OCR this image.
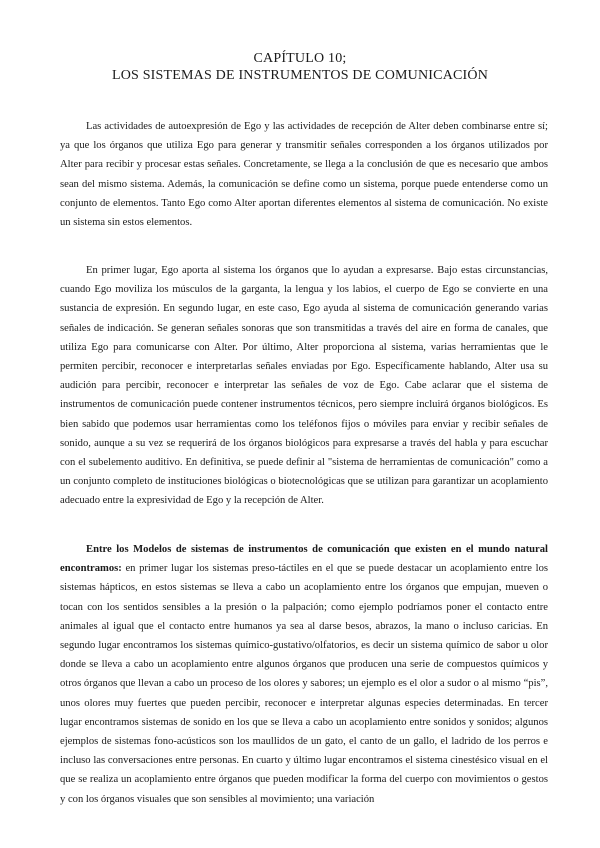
CAPÍTULO 10;
LOS SISTEMAS DE INSTRUMENTOS DE COMUNICACIÓN

Las actividades de autoexpresión de Ego y las actividades de recepción de Alter deben combinarse entre sí; ya que los órganos que utiliza Ego para generar y transmitir señales corresponden a los órganos utilizados por Alter para recibir y procesar estas señales. Concretamente, se llega a la conclusión de que es necesario que ambos sean del mismo sistema. Además, la comunicación se define como un sistema, porque puede entenderse como un conjunto de elementos. Tanto Ego como Alter aportan diferentes elementos al sistema de comunicación. No existe un sistema sin estos elementos.

En primer lugar, Ego aporta al sistema los órganos que lo ayudan a expresarse. Bajo estas circunstancias, cuando Ego moviliza los músculos de la garganta, la lengua y los labios, el cuerpo de Ego se convierte en una sustancia de expresión. En segundo lugar, en este caso, Ego ayuda al sistema de comunicación generando varias señales de indicación. Se generan señales sonoras que son transmitidas a través del aire en forma de canales, que utiliza Ego para comunicarse con Alter. Por último, Alter proporciona al sistema, varias herramientas que le permiten percibir, reconocer e interpretarlas señales enviadas por Ego. Específicamente hablando, Alter usa su audición para percibir, reconocer e interpretar las señales de voz de Ego. Cabe aclarar que el sistema de instrumentos de comunicación puede contener instrumentos técnicos, pero siempre incluirá órganos biológicos. Es bien sabido que podemos usar herramientas como los teléfonos fijos o móviles para enviar y recibir señales de sonido, aunque a su vez se requerirá de los órganos biológicos para expresarse a través del habla y para escuchar con el subelemento auditivo. En definitiva, se puede definir al "sistema de herramientas de comunicación" como a un conjunto completo de instituciones biológicas o biotecnológicas que se utilizan para garantizar un acoplamiento adecuado entre la expresividad de Ego y la recepción de Alter.

Entre los Modelos de sistemas de instrumentos de comunicación que existen en el mundo natural encontramos: en primer lugar los sistemas preso-táctiles en el que se puede destacar un acoplamiento entre los sistemas hápticos, en estos sistemas se lleva a cabo un acoplamiento entre los órganos que empujan, mueven o tocan con los sentidos sensibles a la presión o la palpación; como ejemplo podríamos poner el contacto entre animales al igual que el contacto entre humanos ya sea al darse besos, abrazos, la mano o incluso caricias. En segundo lugar encontramos los sistemas químico-gustativo/olfatorios, es decir un sistema químico de sabor u olor donde se lleva a cabo un acoplamiento entre algunos órganos que producen una serie de compuestos químicos y otros órganos que llevan a cabo un proceso de los olores y sabores; un ejemplo es el olor a sudor o al mismo “pis”, unos olores muy fuertes que pueden percibir, reconocer e interpretar algunas especies determinadas. En tercer lugar encontramos sistemas de sonido en los que se lleva a cabo un acoplamiento entre sonidos y sonidos; algunos ejemplos de sistemas fono-acústicos son los maullidos de un gato, el canto de un gallo, el ladrido de los perros e incluso las conversaciones entre personas. En cuarto y último lugar encontramos el sistema cinestésico visual en el que se realiza un acoplamiento entre órganos que pueden modificar la forma del cuerpo con movimientos o gestos y con los órganos visuales que son sensibles al movimiento; una variación
